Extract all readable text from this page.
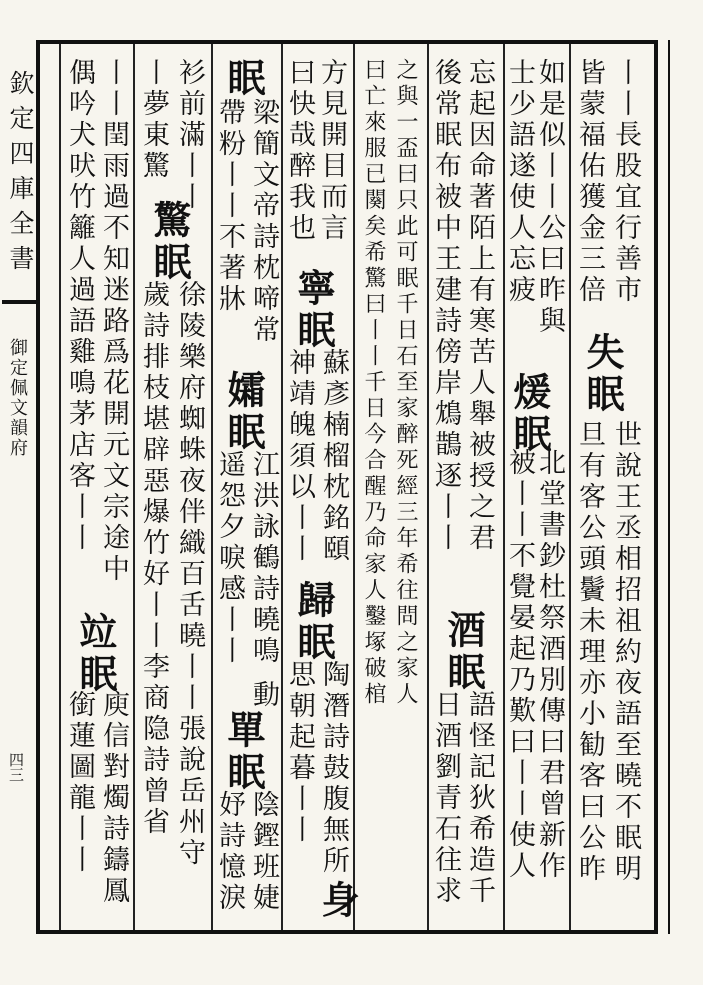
欽定四庫全書
御定佩文韻府
四三
丨丨長股宜行善市
皆蒙福佑獲金三倍
失眠
世說王丞相招祖約夜語至曉不眠明
旦有客公頭鬢未理亦小勧客曰公昨
如是似丨丨公曰昨與
士少語遂使人忘疲
煖眠
北堂書鈔杜祭酒別傳曰君曾新作
被丨丨不覺晏起乃歎曰丨丨使人
忘起因命著陌上有寒苦人舉被授之君
後常眠布被中王建詩傍岸鴆鵲逐丨丨
酒眠
語怪記狄希造千
日酒劉青石往求
之與一盃曰只此可眠千日石至家醉死經三年希往問之家人
曰亡來服已闋矣希驚曰丨丨千日今合醒乃命家人鑿塚破棺
方見開目而言
曰快哉醉我也
寧眠
蘇彥楠榴枕銘頤
神靖魄須以丨丨
歸眠
陶潛詩鼓腹無所
思朝起暮丨丨
身
眠
梁簡文帝詩枕啼常
帶粉丨丨不著牀
孀眠
江洪詠鶴詩曉鳴
遥怨夕唳感丨丨
動
單眠
陰鏗班婕
妤詩憶淚
衫前滿丨丨
丨夢東驚
驚眠
徐陵樂府蜘蛛夜伴織百舌曉丨丨張說岳州守
歲詩排枝堪辟惡爆竹好丨丨李商隐詩曾省
丨丨閏雨過不知迷路爲花開元文宗途中
偶吟犬吠竹籬人過語雞鳴茅店客丨丨
竝眠
庾信對燭詩鑄鳳
銜蓮圖龍丨丨
